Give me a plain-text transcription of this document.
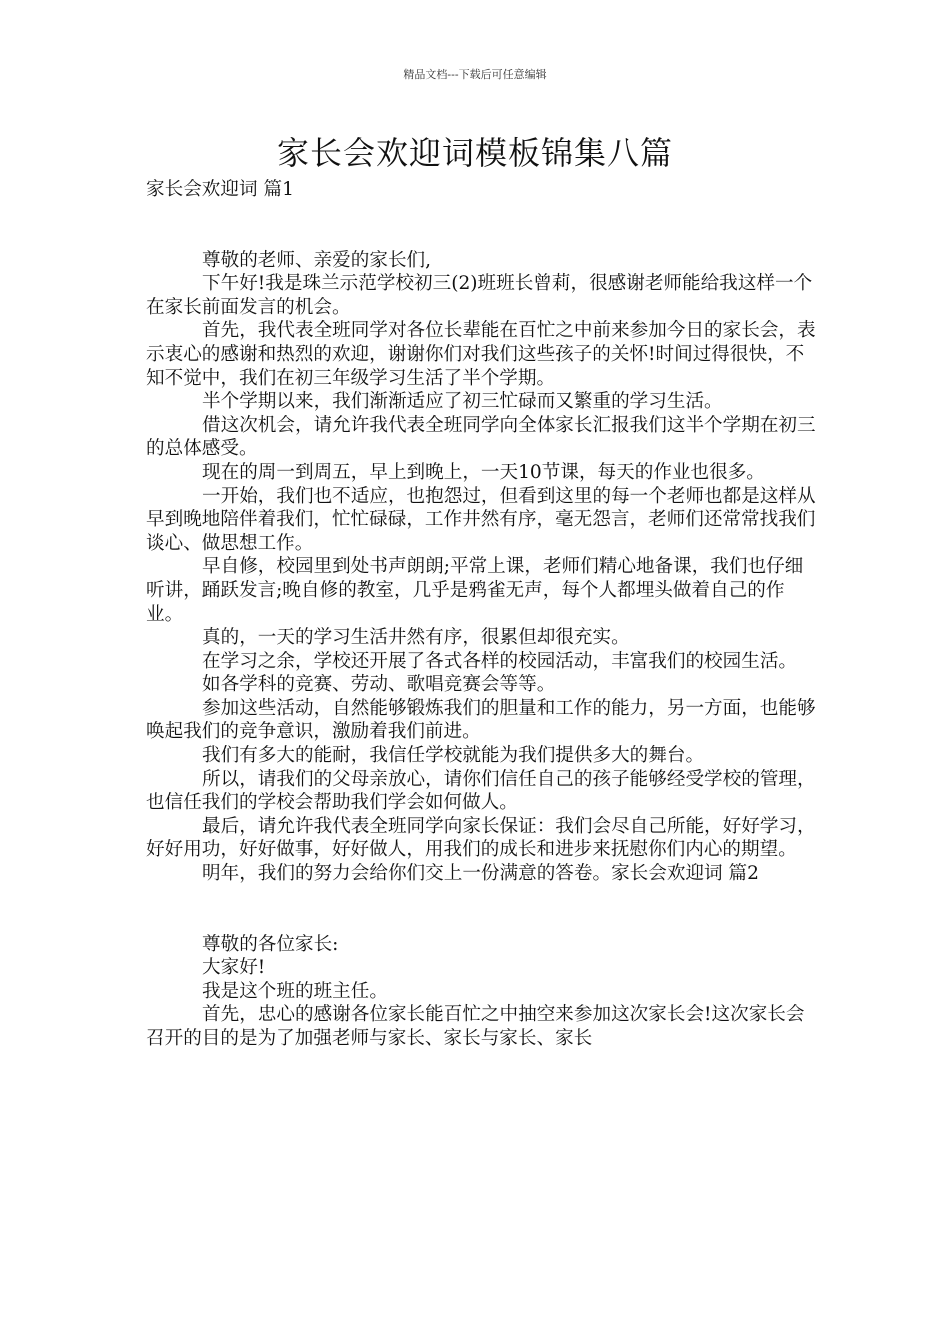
精品文档---下载后可任意编辑
家长会欢迎词模板锦集八篇

家长会欢迎词 篇1

尊敬的老师、亲爱的家长们,

下午好!我是珠兰示范学校初三(2)班班长曾莉，很感谢老师能给我这样一个在家长前面发言的机会。

首先，我代表全班同学对各位长辈能在百忙之中前来参加今日的家长会，表示衷心的感谢和热烈的欢迎，谢谢你们对我们这些孩子的关怀!时间过得很快，不知不觉中，我们在初三年级学习生活了半个学期。

半个学期以来，我们渐渐适应了初三忙碌而又繁重的学习生活。

借这次机会，请允许我代表全班同学向全体家长汇报我们这半个学期在初三的总体感受。

现在的周一到周五，早上到晚上，一天10节课，每天的作业也很多。

一开始，我们也不适应，也抱怨过，但看到这里的每一个老师也都是这样从早到晚地陪伴着我们，忙忙碌碌，工作井然有序，毫无怨言，老师们还常常找我们谈心、做思想工作。

早自修，校园里到处书声朗朗;平常上课，老师们精心地备课，我们也仔细听讲，踊跃发言;晚自修的教室，几乎是鸦雀无声，每个人都埋头做着自己的作业。

真的，一天的学习生活井然有序，很累但却很充实。

在学习之余，学校还开展了各式各样的校园活动，丰富我们的校园生活。

如各学科的竞赛、劳动、歌唱竞赛会等等。

参加这些活动，自然能够锻炼我们的胆量和工作的能力，另一方面，也能够唤起我们的竞争意识，激励着我们前进。

我们有多大的能耐，我信任学校就能为我们提供多大的舞台。

所以，请我们的父母亲放心，请你们信任自己的孩子能够经受学校的管理，也信任我们的学校会帮助我们学会如何做人。

最后，请允许我代表全班同学向家长保证：我们会尽自己所能，好好学习，好好用功，好好做事，好好做人，用我们的成长和进步来抚慰你们内心的期望。

明年，我们的努力会给你们交上一份满意的答卷。家长会欢迎词 篇2

尊敬的各位家长:

大家好!

我是这个班的班主任。

首先，忠心的感谢各位家长能百忙之中抽空来参加这次家长会!这次家长会召开的目的是为了加强老师与家长、家长与家长、家长
